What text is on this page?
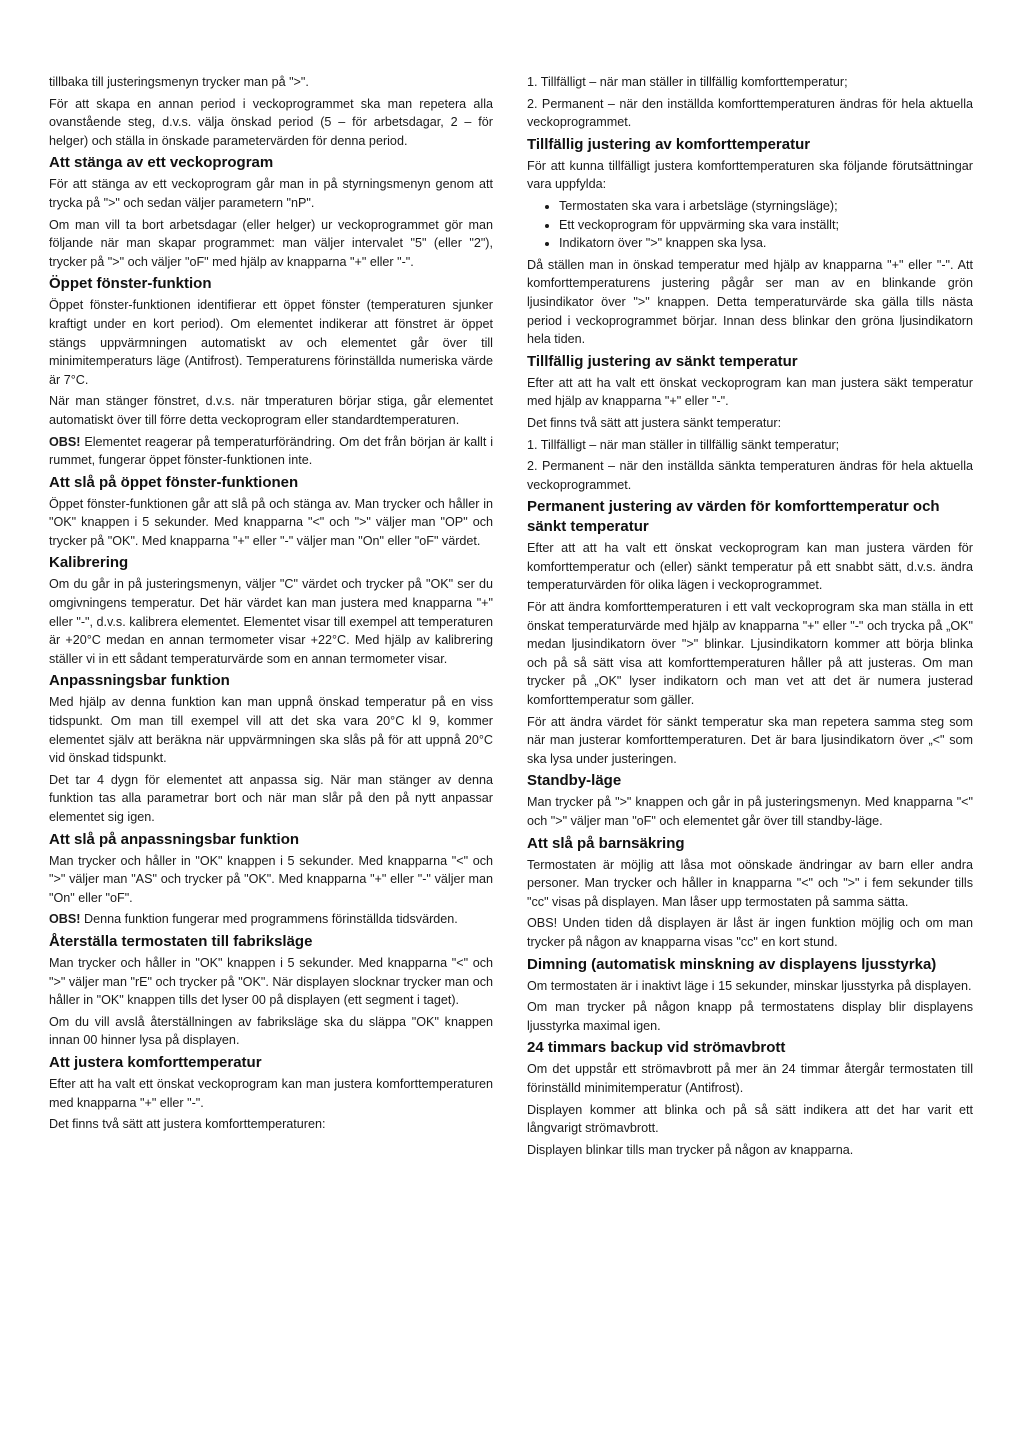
tillbaka till justeringsmenyn trycker man på ">".

För att skapa en annan period i veckoprogrammet ska man repetera alla ovanstående steg, d.v.s. välja önskad period (5 – för arbetsdagar, 2 – för helger) och ställa in önskade parametervärden för denna period.

Att stänga av ett veckoprogram

För att stänga av ett veckoprogram går man in på styrningsmenyn genom att trycka på ">" och sedan väljer parametern "nP".

Om man vill ta bort arbetsdagar (eller helger) ur veckoprogrammet gör man följande när man skapar programmet: man väljer intervalet "5" (eller "2"), trycker på ">" och väljer "oF" med hjälp av knapparna "+" eller "-".

Öppet fönster-funktion

Öppet fönster-funktionen identifierar ett öppet fönster (temperaturen sjunker kraftigt under en kort period). Om elementet indikerar att fönstret är öppet stängs uppvärmningen automatiskt av och elementet går över till minimitemperaturs läge (Antifrost). Temperaturens förinställda numeriska värde är 7°C.

När man stänger fönstret, d.v.s. när tmperaturen börjar stiga, går elementet automatiskt över till förre detta veckoprogram eller standardtemperaturen.

OBS! Elementet reagerar på temperaturförändring. Om det från början är kallt i rummet, fungerar öppet fönster-funktionen inte.

Att slå på öppet fönster-funktionen

Öppet fönster-funktionen går att slå på och stänga av. Man trycker och håller in "OK" knappen i 5 sekunder. Med knapparna "<" och ">" väljer man "OP" och trycker på "OK". Med knapparna "+" eller "-" väljer man "On" eller "oF" värdet.

Kalibrering

Om du går in på justeringsmenyn, väljer "C" värdet och trycker på "OK" ser du omgivningens temperatur. Det här värdet kan man justera med knapparna "+" eller "-", d.v.s. kalibrera elementet. Elementet visar till exempel att temperaturen är +20°C medan en annan termometer visar +22°C. Med hjälp av kalibrering ställer vi in ett sådant temperaturvärde som en annan termometer visar.

Anpassningsbar funktion

Med hjälp av denna funktion kan man uppnå önskad temperatur på en viss tidspunkt. Om man till exempel vill att det ska vara 20°C kl 9, kommer elementet själv att beräkna när uppvärmningen ska slås på för att uppnå 20°C vid önskad tidspunkt.

Det tar 4 dygn för elementet att anpassa sig. När man stänger av denna funktion tas alla parametrar bort och när man slår på den på nytt anpassar elementet sig igen.

Att slå på anpassningsbar funktion

Man trycker och håller in "OK" knappen i 5 sekunder. Med knapparna "<" och ">" väljer man "AS" och trycker på "OK". Med knapparna "+" eller "-" väljer man "On" eller "oF".

OBS! Denna funktion fungerar med programmens förinställda tidsvärden.

Återställa termostaten till fabriksläge

Man trycker och håller in "OK" knappen i 5 sekunder. Med knapparna "<" och ">" väljer man "rE" och trycker på "OK". När displayen slocknar trycker man och håller in "OK" knappen tills det lyser 00 på displayen (ett segment i taget).

Om du vill avslå återställningen av fabriksläge ska du släppa "OK" knappen innan 00 hinner lysa på displayen.

Att justera komforttemperatur

Efter att ha valt ett önskat veckoprogram kan man justera komforttemperaturen med knapparna "+" eller "-".

Det finns två sätt att justera komforttemperaturen:

1. Tillfälligt – när man ställer in tillfällig komforttemperatur;

2. Permanent – när den inställda komforttemperaturen ändras för hela aktuella veckoprogrammet.

Tillfällig justering av komforttemperatur

För att kunna tillfälligt justera komforttemperaturen ska följande förutsättningar vara uppfylda:

• Termostaten ska vara i arbetsläge (styrningsläge);
• Ett veckoprogram för uppvärming ska vara inställt;
• Indikatorn över ">" knappen ska lysa.

Då ställen man in önskad temperatur med hjälp av knapparna "+" eller "-". Att komforttemperaturens justering pågår ser man av en blinkande grön ljusindikator över ">" knappen. Detta temperaturvärde ska gälla tills nästa period i veckoprogrammet börjar. Innan dess blinkar den gröna ljusindikatorn hela tiden.

Tillfällig justering av sänkt temperatur

Efter att att ha valt ett önskat veckoprogram kan man justera säkt temperatur med hjälp av knapparna "+" eller "-".

Det finns två sätt att justera sänkt temperatur:

1. Tillfälligt – när man ställer in tillfällig sänkt temperatur;

2. Permanent – när den inställda sänkta temperaturen ändras för hela aktuella veckoprogrammet.

Permanent justering av värden för komforttemperatur och sänkt temperatur

Efter att att ha valt ett önskat veckoprogram kan man justera värden för komforttemperatur och (eller) sänkt temperatur på ett snabbt sätt, d.v.s. ändra temperaturvärden för olika lägen i veckoprogrammet.

För att ändra komforttemperaturen i ett valt veckoprogram ska man ställa in ett önskat temperaturvärde med hjälp av knapparna "+" eller "-" och trycka på „OK" medan ljusindikatorn över ">" blinkar. Ljusindikatorn kommer att börja blinka och på så sätt visa att komforttemperaturen håller på att justeras. Om man trycker på „OK" lyser indikatorn och man vet att det är numera justerad komforttemperatur som gäller.

För att ändra värdet för sänkt temperatur ska man repetera samma steg som när man justerar komforttemperaturen. Det är bara ljusindikatorn över „<" som ska lysa under justeringen.

Standby-läge

Man trycker på ">" knappen och går in på justeringsmenyn. Med knapparna "<" och ">" väljer man "oF" och elementet går över till standby-läge.

Att slå på barnsäkring

Termostaten är möjlig att låsa mot oönskade ändringar av barn eller andra personer. Man trycker och håller in knapparna "<" och ">" i fem sekunder tills "cc" visas på displayen. Man låser upp termostaten på samma sätta.

OBS! Unden tiden då displayen är låst är ingen funktion möjlig och om man trycker på någon av knapparna visas "cc" en kort stund.

Dimning (automatisk minskning av displayens ljusstyrka)

Om termostaten är i inaktivt läge i 15 sekunder, minskar ljusstyrka på displayen.

Om man trycker på någon knapp på termostatens display blir displayens ljusstyrka maximal igen.

24 timmars backup vid strömavbrott

Om det uppstår ett strömavbrott på mer än 24 timmar återgår termostaten till förinställd minimitemperatur (Antifrost).

Displayen kommer att blinka och på så sätt indikera att det har varit ett långvarigt strömavbrott.

Displayen blinkar tills man trycker på någon av knapparna.
